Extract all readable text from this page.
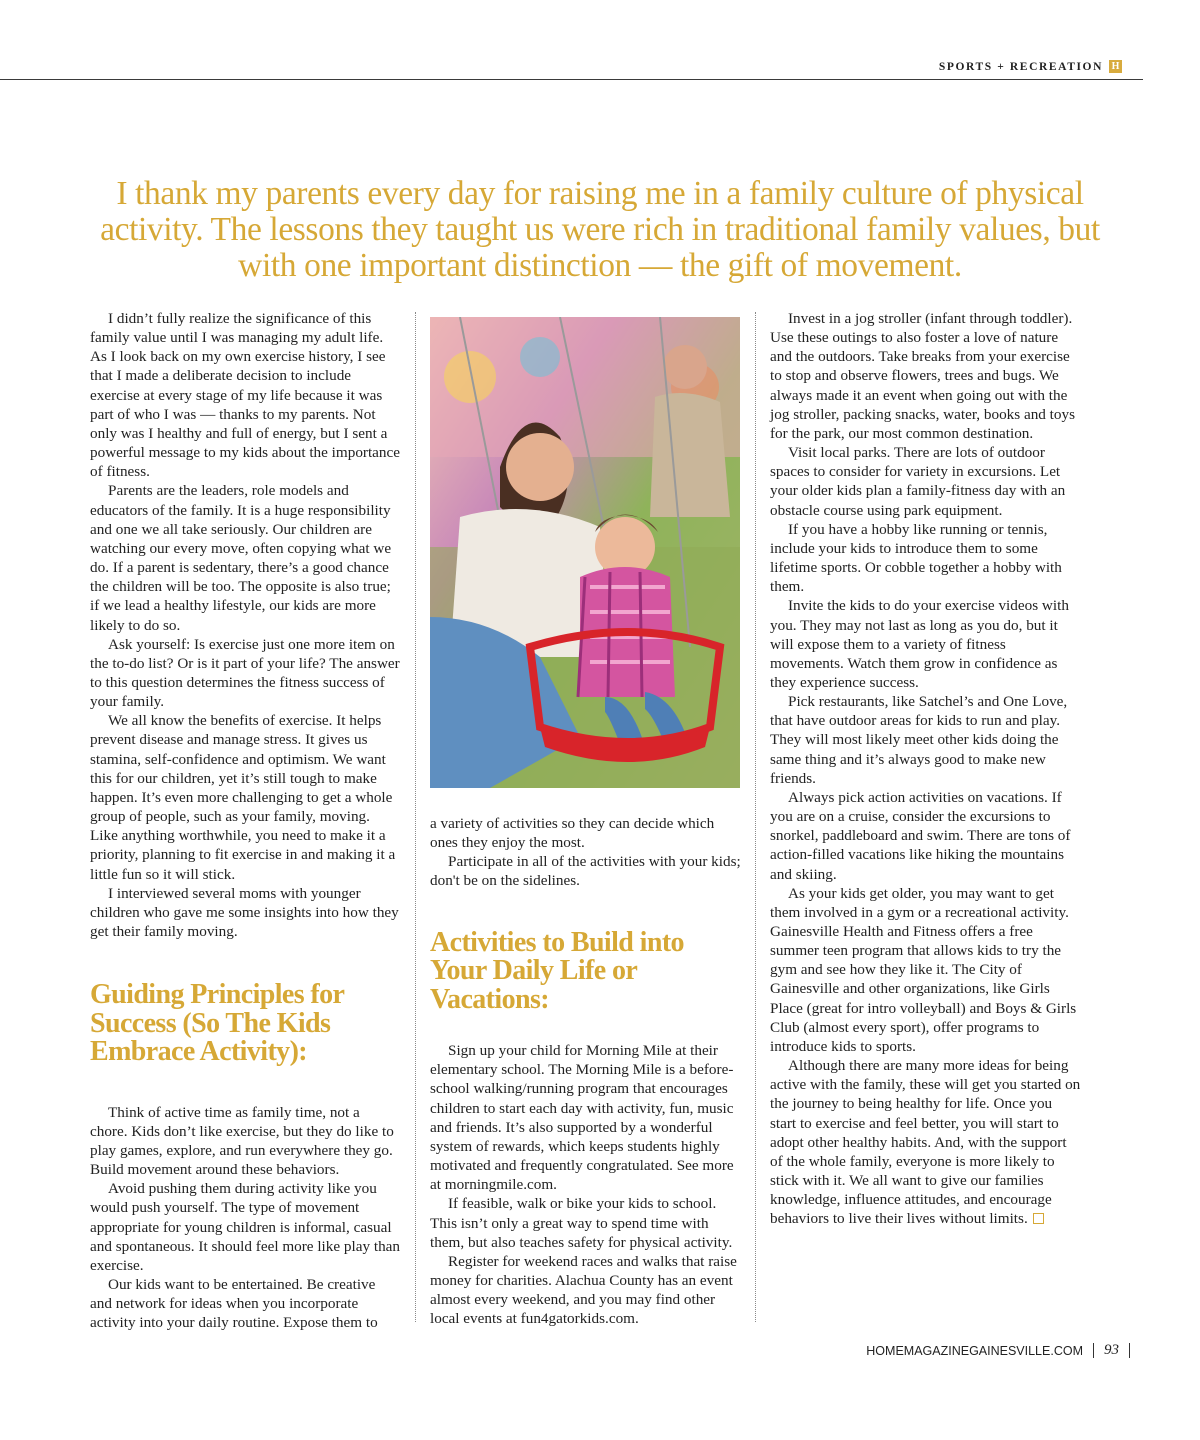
SPORTS + RECREATION H
I thank my parents every day for raising me in a family culture of physical activity. The lessons they taught us were rich in traditional family values, but with one important distinction — the gift of movement.

I didn’t fully realize the significance of this family value until I was managing my adult life. As I look back on my own exercise history, I see that I made a deliberate decision to include exercise at every stage of my life because it was part of who I was — thanks to my parents. Not only was I healthy and full of energy, but I sent a powerful message to my kids about the importance of fitness.

Parents are the leaders, role models and educators of the family. It is a huge responsibility and one we all take seriously. Our children are watching our every move, often copying what we do. If a parent is sedentary, there’s a good chance the children will be too. The opposite is also true; if we lead a healthy lifestyle, our kids are more likely to do so.

Ask yourself: Is exercise just one more item on the to-do list? Or is it part of your life? The answer to this question determines the fitness success of your family.

We all know the benefits of exercise. It helps prevent disease and manage stress. It gives us stamina, self-confidence and optimism. We want this for our children, yet it’s still tough to make happen. It’s even more challenging to get a whole group of people, such as your family, moving. Like anything worthwhile, you need to make it a priority, planning to fit exercise in and making it a little fun so it will stick.

I interviewed several moms with younger children who gave me some insights into how they get their family moving.

Guiding Principles for Success (So The Kids Embrace Activity):

Think of active time as family time, not a chore. Kids don’t like exercise, but they do like to play games, explore, and run everywhere they go. Build movement around these behaviors.

Avoid pushing them during activity like you would push yourself. The type of movement appropriate for young children is informal, casual and spontaneous. It should feel more like play than exercise.

Our kids want to be entertained. Be creative and network for ideas when you incorporate activity into your daily routine. Expose them to

a variety of activities so they can decide which ones they enjoy the most.

Participate in all of the activities with your kids; don't be on the sidelines.

Activities to Build into Your Daily Life or Vacations:

Sign up your child for Morning Mile at their elementary school. The Morning Mile is a before-school walking/running program that encourages children to start each day with activity, fun, music and friends. It’s also supported by a wonderful system of rewards, which keeps students highly motivated and frequently congratulated. See more at morningmile.com.

If feasible, walk or bike your kids to school. This isn’t only a great way to spend time with them, but also teaches safety for physical activity.

Register for weekend races and walks that raise money for charities. Alachua County has an event almost every weekend, and you may find other local events at fun4gatorkids.com.

Invest in a jog stroller (infant through toddler). Use these outings to also foster a love of nature and the outdoors. Take breaks from your exercise to stop and observe flowers, trees and bugs. We always made it an event when going out with the jog stroller, packing snacks, water, books and toys for the park, our most common destination.

Visit local parks. There are lots of outdoor spaces to consider for variety in excursions. Let your older kids plan a family-fitness day with an obstacle course using park equipment.

If you have a hobby like running or tennis, include your kids to introduce them to some lifetime sports. Or cobble together a hobby with them.

Invite the kids to do your exercise videos with you. They may not last as long as you do, but it will expose them to a variety of fitness movements. Watch them grow in confidence as they experience success.

Pick restaurants, like Satchel’s and One Love, that have outdoor areas for kids to run and play. They will most likely meet other kids doing the same thing and it’s always good to make new friends.

Always pick action activities on vacations. If you are on a cruise, consider the excursions to snorkel, paddleboard and swim. There are tons of action-filled vacations like hiking the mountains and skiing.

As your kids get older, you may want to get them involved in a gym or a recreational activity. Gainesville Health and Fitness offers a free summer teen program that allows kids to try the gym and see how they like it. The City of Gainesville and other organizations, like Girls Place (great for intro volleyball) and Boys & Girls Club (almost every sport), offer programs to introduce kids to sports.

Although there are many more ideas for being active with the family, these will get you started on the journey to being healthy for life. Once you start to exercise and feel better, you will start to adopt other healthy habits. And, with the support of the whole family, everyone is more likely to stick with it. We all want to give our families knowledge, influence attitudes, and encourage behaviors to live their lives without limits.

HOMEMAGAZINEGAINESVILLE.COM 93
